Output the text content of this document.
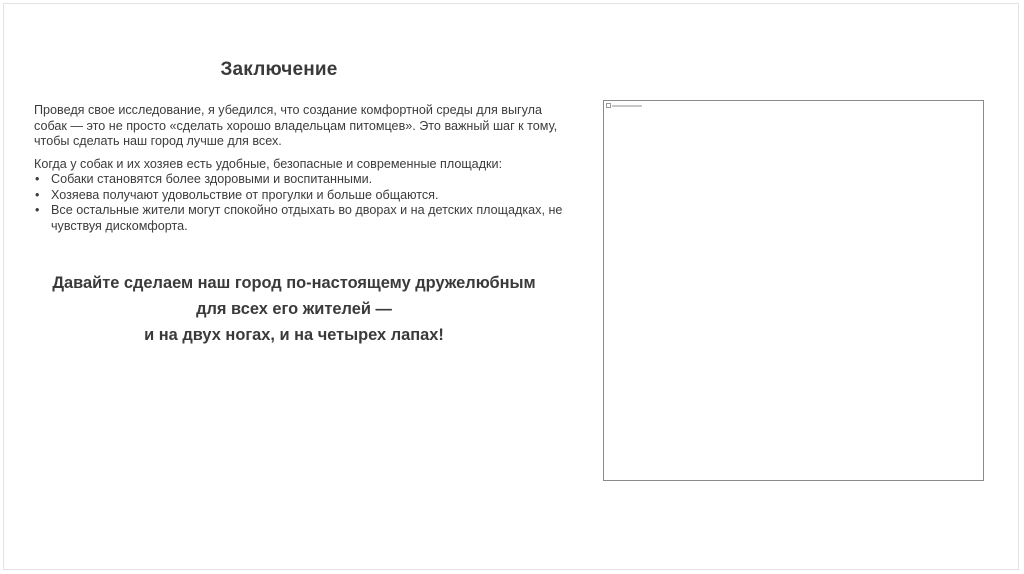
Заключение

Проведя свое исследование, я убедился, что создание комфортной среды для выгула собак — это не просто «сделать хорошо владельцам питомцев». Это важный шаг к тому, чтобы сделать наш город лучше для всех.

Когда у собак и их хозяев есть удобные, безопасные и современные площадки:

• Собаки становятся более здоровыми и воспитанными.
• Хозяева получают удовольствие от прогулки и больше общаются.
• Все остальные жители могут спокойно отдыхать во дворах и на детских площадках, не чувствуя дискомфорта.
Давайте сделаем наш город по-настоящему дружелюбным
для всех его жителей —
и на двух ногах, и на четырех лапах!
